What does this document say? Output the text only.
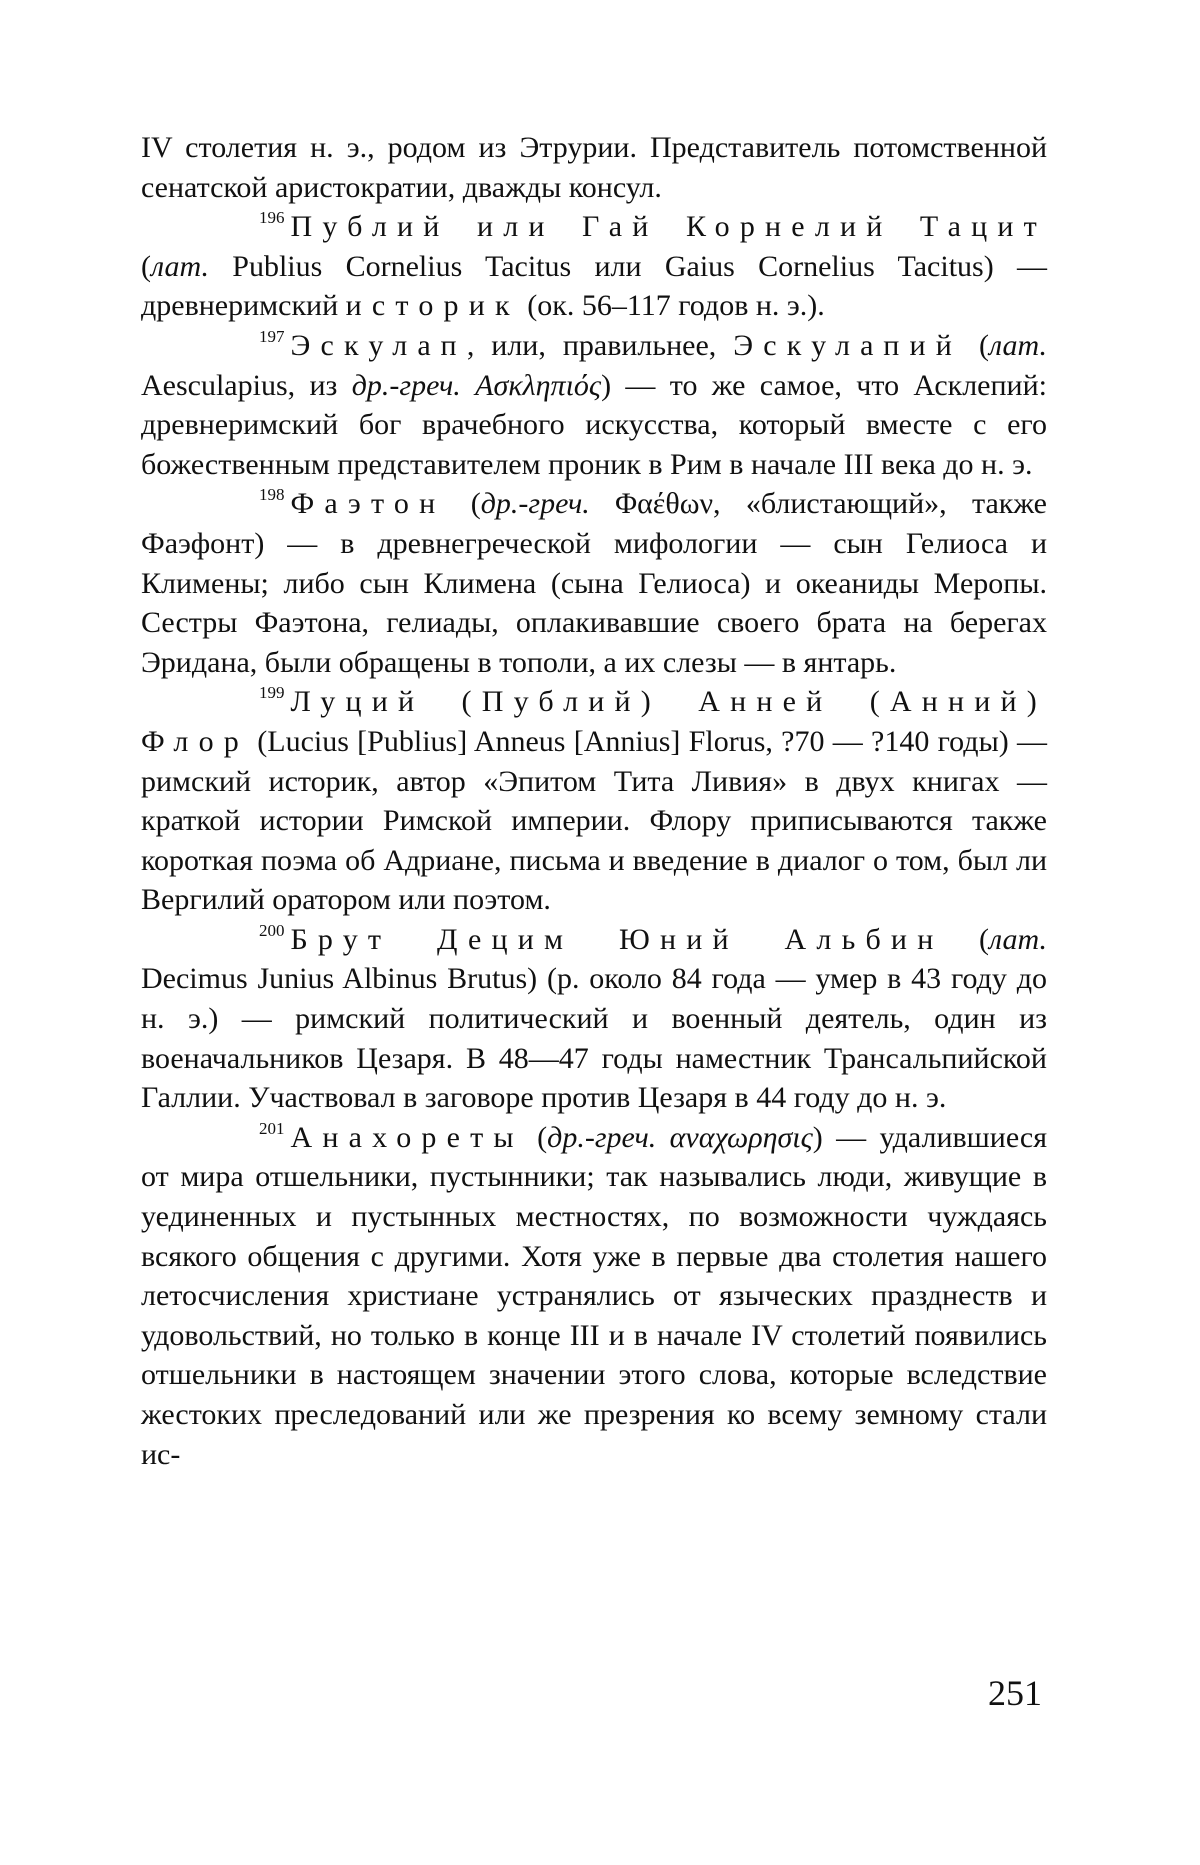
IV столетия н. э., родом из Этрурии. Представитель потомственной сенатской аристократии, дважды консул.

$^{196}$ Публий или Гай Корнелий Тацит (лат. Publius Cornelius Tacitus или Gaius Cornelius Tacitus) — древнеримский историк (ок. 56–117 годов н. э.).

$^{197}$ Эскулап, или, правильнее, Эскулапий (лат. Aesculapius, из др.-греч. Ασκληπιός) — то же самое, что Асклепий: древнеримский бог врачебного искусства, который вместе с его божественным представителем проник в Рим в начале III века до н. э.

$^{198}$ Фаэтон (др.-греч. Φαέθων, «блистающий», также Фаэфонт) — в древнегреческой мифологии — сын Гелиоса и Климены; либо сын Климена (сына Гелиоса) и океаниды Меропы. Сестры Фаэтона, гелиады, оплакивавшие своего брата на берегах Эридана, были обращены в тополи, а их слезы — в янтарь.

$^{199}$ Луций (Публий) Анней (Анний) Флор (Lucius [Publius] Anneus [Annius] Florus, ?70 — ?140 годы) — римский историк, автор «Эпитом Тита Ливия» в двух книгах — краткой истории Римской империи. Флору приписываются также короткая поэма об Адриане, письма и введение в диалог о том, был ли Вергилий оратором или поэтом.

$^{200}$ Брут Децим Юний Альбин (лат. Decimus Junius Albinus Brutus) (р. около 84 года — умер в 43 году до н. э.) — римский политический и военный деятель, один из военачальников Цезаря. В 48—47 годы наместник Трансальпийской Галлии. Участвовал в заговоре против Цезаря в 44 году до н. э.

$^{201}$ Анахореты (др.-греч. αναχωρησις) — удалившиеся от мира отшельники, пустынники; так назывались люди, живущие в уединенных и пустынных местностях, по возможности чуждаясь всякого общения с другими. Хотя уже в первые два столетия нашего летосчисления христиане устранялись от языческих празднеств и удовольствий, но только в конце III и в начале IV столетий появились отшельники в настоящем значении этого слова, которые вследствие жестоких преследований или же презрения ко всему земному стали ис-

251
